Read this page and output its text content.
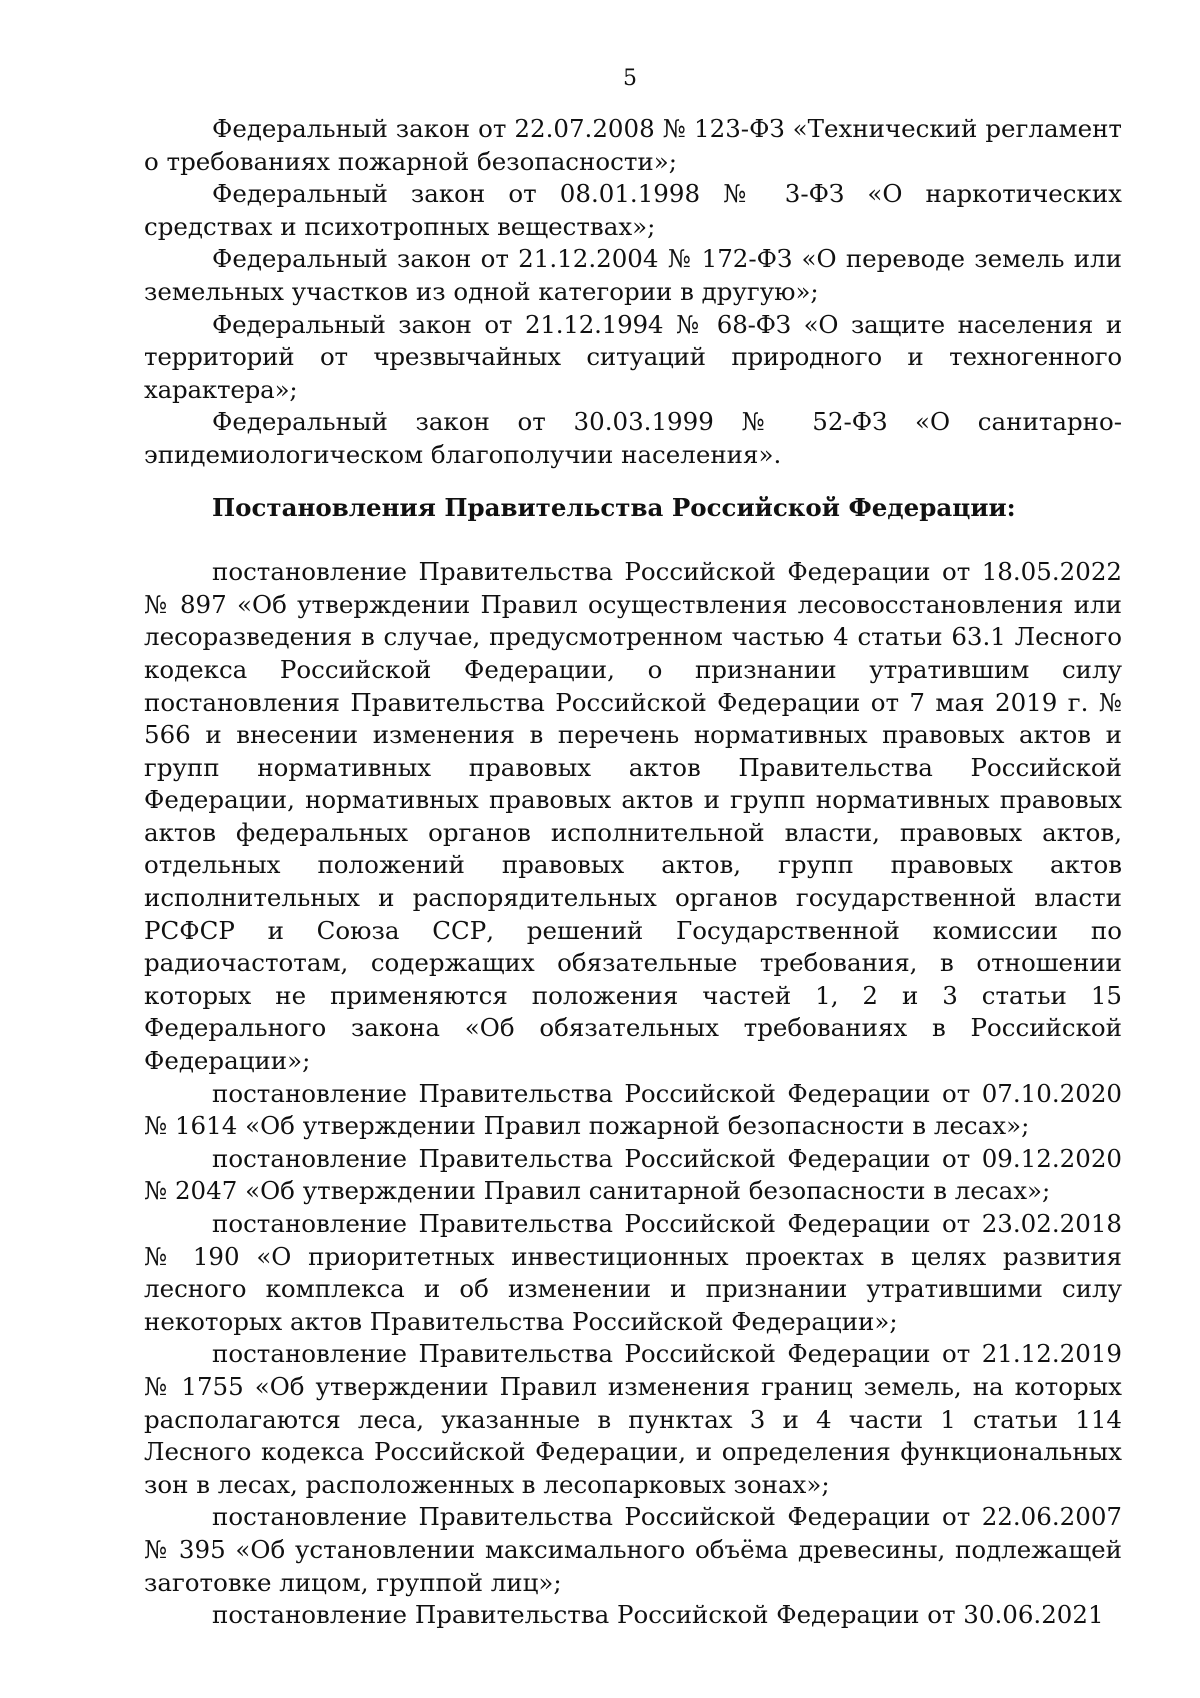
5

Федеральный закон от 22.07.2008 № 123-ФЗ «Технический регламент о требованиях пожарной безопасности»;

Федеральный закон от 08.01.1998 № 3-ФЗ «О наркотических средствах и психотропных веществах»;

Федеральный закон от 21.12.2004 № 172-ФЗ «О переводе земель или земельных участков из одной категории в другую»;

Федеральный закон от 21.12.1994 № 68-ФЗ «О защите населения и территорий от чрезвычайных ситуаций природного и техногенного характера»;

Федеральный закон от 30.03.1999 № 52-ФЗ «О санитарно-эпидемиологическом благополучии населения».

Постановления Правительства Российской Федерации:

постановление Правительства Российской Федерации от 18.05.2022 № 897 «Об утверждении Правил осуществления лесовосстановления или лесоразведения в случае, предусмотренном частью 4 статьи 63.1 Лесного кодекса Российской Федерации, о признании утратившим силу постановления Правительства Российской Федерации от 7 мая 2019 г. № 566 и внесении изменения в перечень нормативных правовых актов и групп нормативных правовых актов Правительства Российской Федерации, нормативных правовых актов и групп нормативных правовых актов федеральных органов исполнительной власти, правовых актов, отдельных положений правовых актов, групп правовых актов исполнительных и распорядительных органов государственной власти РСФСР и Союза ССР, решений Государственной комиссии по радиочастотам, содержащих обязательные требования, в отношении которых не применяются положения частей 1, 2 и 3 статьи 15 Федерального закона «Об обязательных требованиях в Российской Федерации»;

постановление Правительства Российской Федерации от 07.10.2020 № 1614 «Об утверждении Правил пожарной безопасности в лесах»;

постановление Правительства Российской Федерации от 09.12.2020 № 2047 «Об утверждении Правил санитарной безопасности в лесах»;

постановление Правительства Российской Федерации от 23.02.2018 № 190 «О приоритетных инвестиционных проектах в целях развития лесного комплекса и об изменении и признании утратившими силу некоторых актов Правительства Российской Федерации»;

постановление Правительства Российской Федерации от 21.12.2019 № 1755 «Об утверждении Правил изменения границ земель, на которых располагаются леса, указанные в пунктах 3 и 4 части 1 статьи 114 Лесного кодекса Российской Федерации, и определения функциональных зон в лесах, расположенных в лесопарковых зонах»;

постановление Правительства Российской Федерации от 22.06.2007 № 395 «Об установлении максимального объёма древесины, подлежащей заготовке лицом, группой лиц»;

постановление Правительства Российской Федерации от 30.06.2021
